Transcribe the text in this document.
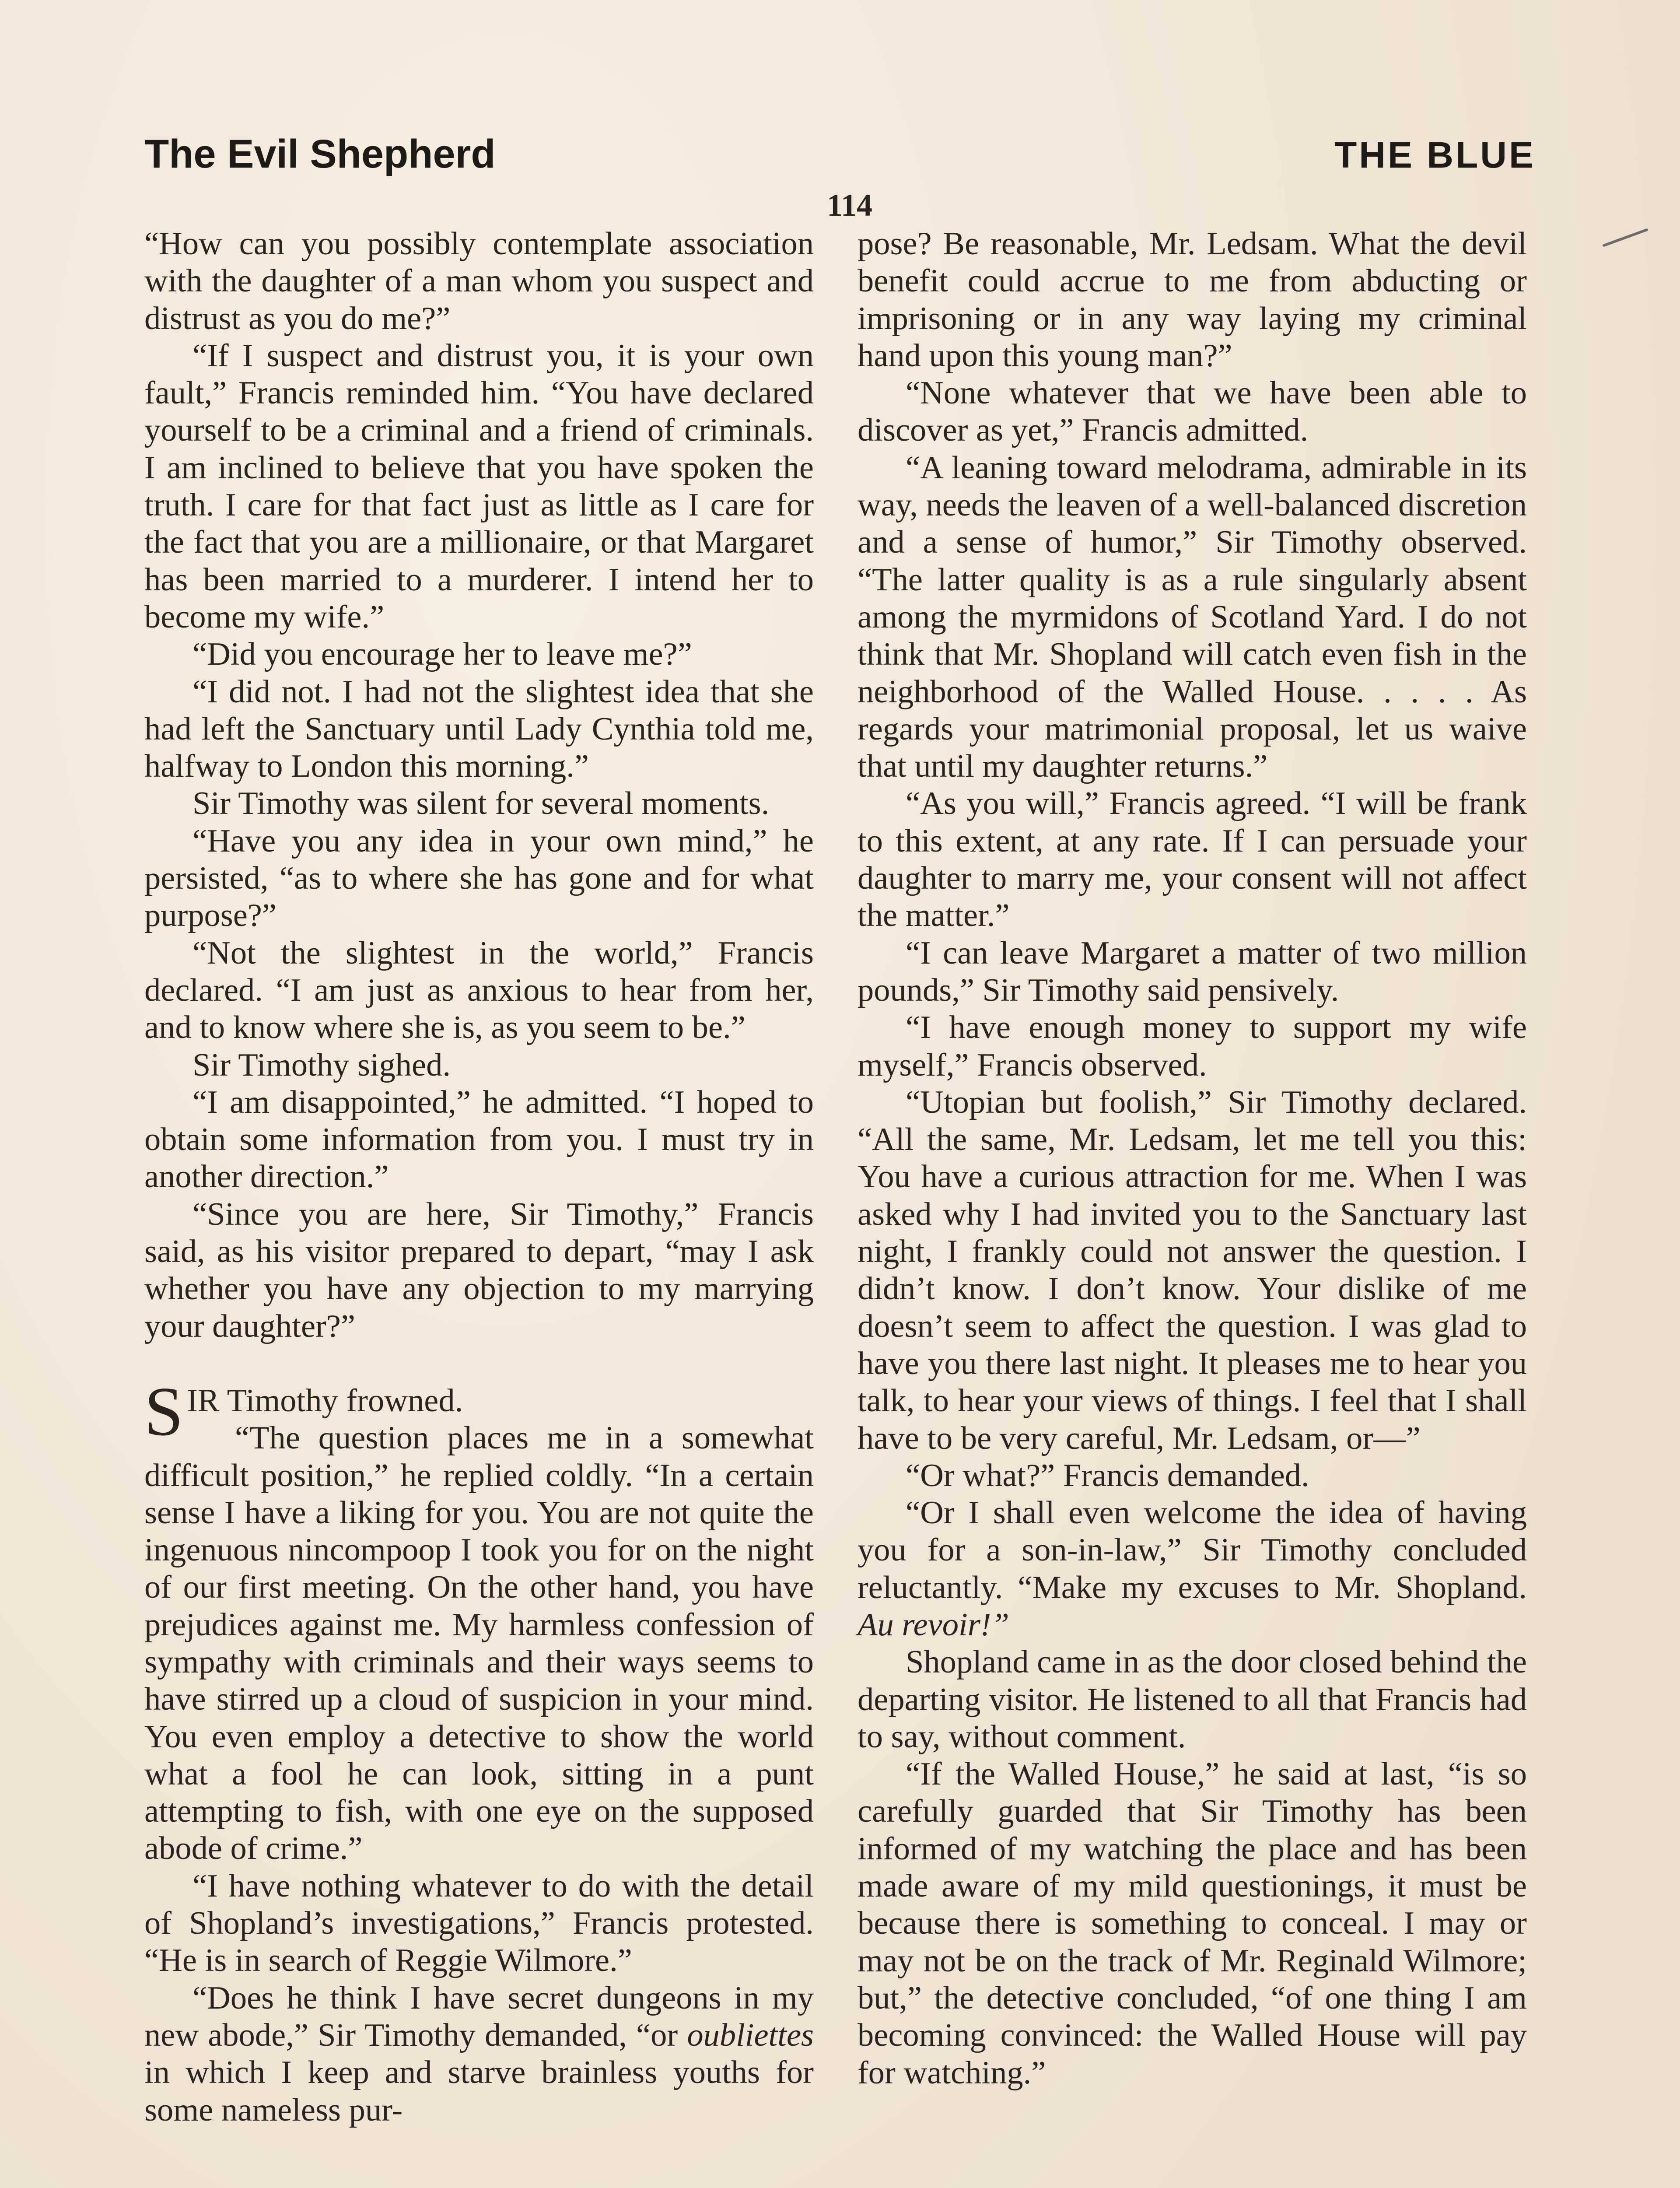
The Evil Shepherd	THE BLUE
114

“How can you possibly contemplate association with the daughter of a man whom you suspect and distrust as you do me?”

“If I suspect and distrust you, it is your own fault,” Francis reminded him. “You have declared yourself to be a criminal and a friend of criminals. I am inclined to believe that you have spoken the truth. I care for that fact just as little as I care for the fact that you are a millionaire, or that Margaret has been married to a murderer. I intend her to become my wife.”

“Did you encourage her to leave me?”

“I did not. I had not the slightest idea that she had left the Sanctuary until Lady Cynthia told me, halfway to London this morning.”

Sir Timothy was silent for several moments.

“Have you any idea in your own mind,” he persisted, “as to where she has gone and for what purpose?”

“Not the slightest in the world,” Francis declared. “I am just as anxious to hear from her, and to know where she is, as you seem to be.”

Sir Timothy sighed.

“I am disappointed,” he admitted. “I hoped to obtain some information from you. I must try in another direction.”

“Since you are here, Sir Timothy,” Francis said, as his visitor prepared to depart, “may I ask whether you have any objection to my marrying your daughter?”

SIR Timothy frowned.

“The question places me in a somewhat difficult position,” he replied coldly. “In a certain sense I have a liking for you. You are not quite the ingenuous nincompoop I took you for on the night of our first meeting. On the other hand, you have prejudices against me. My harmless confession of sympathy with criminals and their ways seems to have stirred up a cloud of suspicion in your mind. You even employ a detective to show the world what a fool he can look, sitting in a punt attempting to fish, with one eye on the supposed abode of crime.”

“I have nothing whatever to do with the detail of Shopland’s investigations,” Francis protested. “He is in search of Reggie Wilmore.”

“Does he think I have secret dungeons in my new abode,” Sir Timothy demanded, “or oubliettes in which I keep and starve brainless youths for some nameless pur-

pose? Be reasonable, Mr. Ledsam. What the devil benefit could accrue to me from abducting or imprisoning or in any way laying my criminal hand upon this young man?”

“None whatever that we have been able to discover as yet,” Francis admitted.

“A leaning toward melodrama, admirable in its way, needs the leaven of a well-balanced discretion and a sense of humor,” Sir Timothy observed. “The latter quality is as a rule singularly absent among the myrmidons of Scotland Yard. I do not think that Mr. Shopland will catch even fish in the neighborhood of the Walled House. . . . . As regards your matrimonial proposal, let us waive that until my daughter returns.”

“As you will,” Francis agreed. “I will be frank to this extent, at any rate. If I can persuade your daughter to marry me, your consent will not affect the matter.”

“I can leave Margaret a matter of two million pounds,” Sir Timothy said pensively.

“I have enough money to support my wife myself,” Francis observed.

“Utopian but foolish,” Sir Timothy declared. “All the same, Mr. Ledsam, let me tell you this: You have a curious attraction for me. When I was asked why I had invited you to the Sanctuary last night, I frankly could not answer the question. I didn’t know. I don’t know. Your dislike of me doesn’t seem to affect the question. I was glad to have you there last night. It pleases me to hear you talk, to hear your views of things. I feel that I shall have to be very careful, Mr. Ledsam, or—”

“Or what?” Francis demanded.

“Or I shall even welcome the idea of having you for a son-in-law,” Sir Timothy concluded reluctantly. “Make my excuses to Mr. Shopland. Au revoir!”

Shopland came in as the door closed behind the departing visitor. He listened to all that Francis had to say, without comment.

“If the Walled House,” he said at last, “is so carefully guarded that Sir Timothy has been informed of my watching the place and has been made aware of my mild questionings, it must be because there is something to conceal. I may or may not be on the track of Mr. Reginald Wilmore; but,” the detective concluded, “of one thing I am becoming convinced: the Walled House will pay for watching.”
